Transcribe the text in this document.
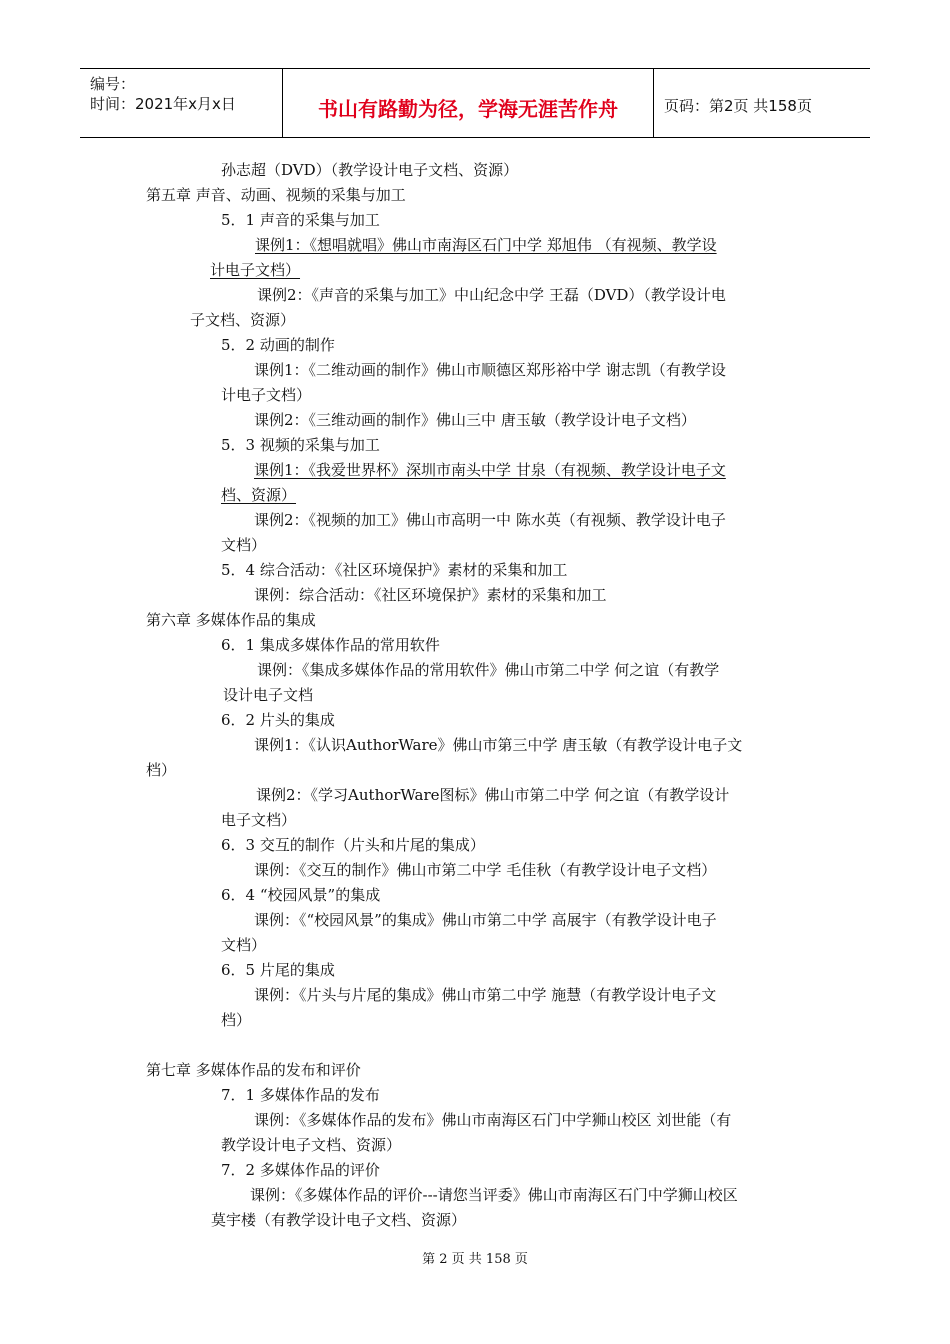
编号：
时间：2021年x月x日	书山有路勤为径，学海无涯苦作舟	页码：第2页 共158页
孙志超（DVD）（教学设计电子文档、资源）
第五章 声音、动画、视频的采集与加工
5．1 声音的采集与加工
课例1：《想唱就唱》佛山市南海区石门中学 郑旭伟 （有视频、教学设
计电子文档）
课例2：《声音的采集与加工》中山纪念中学 王磊（DVD）（教学设计电
子文档、资源）
5．2 动画的制作
课例1：《二维动画的制作》佛山市顺德区郑彤裕中学 谢志凯（有教学设
计电子文档）
课例2：《三维动画的制作》佛山三中 唐玉敏（教学设计电子文档）
5．3 视频的采集与加工
课例1：《我爱世界杯》深圳市南头中学 甘泉（有视频、教学设计电子文
档、资源）
课例2：《视频的加工》佛山市高明一中 陈水英（有视频、教学设计电子
文档）
5．4 综合活动：《社区环境保护》素材的采集和加工
课例：综合活动：《社区环境保护》素材的采集和加工
第六章 多媒体作品的集成
6．1 集成多媒体作品的常用软件
课例：《集成多媒体作品的常用软件》佛山市第二中学 何之谊（有教学
设计电子文档
6．2 片头的集成
课例1：《认识AuthorWare》佛山市第三中学 唐玉敏（有教学设计电子文
档）
课例2：《学习AuthorWare图标》佛山市第二中学 何之谊（有教学设计
电子文档）
6．3 交互的制作（片头和片尾的集成）
课例：《交互的制作》佛山市第二中学 毛佳秋（有教学设计电子文档）
6．4 “校园风景”的集成
课例：《“校园风景”的集成》佛山市第二中学 高展宇（有教学设计电子
文档）
6．5 片尾的集成
课例：《片头与片尾的集成》佛山市第二中学 施慧（有教学设计电子文
档）
第七章 多媒体作品的发布和评价
7．1 多媒体作品的发布
课例：《多媒体作品的发布》佛山市南海区石门中学狮山校区 刘世能（有
教学设计电子文档、资源）
7．2 多媒体作品的评价
课例：《多媒体作品的评价---请您当评委》佛山市南海区石门中学狮山校区
莫宇楼（有教学设计电子文档、资源）
第 2 页 共 158 页
